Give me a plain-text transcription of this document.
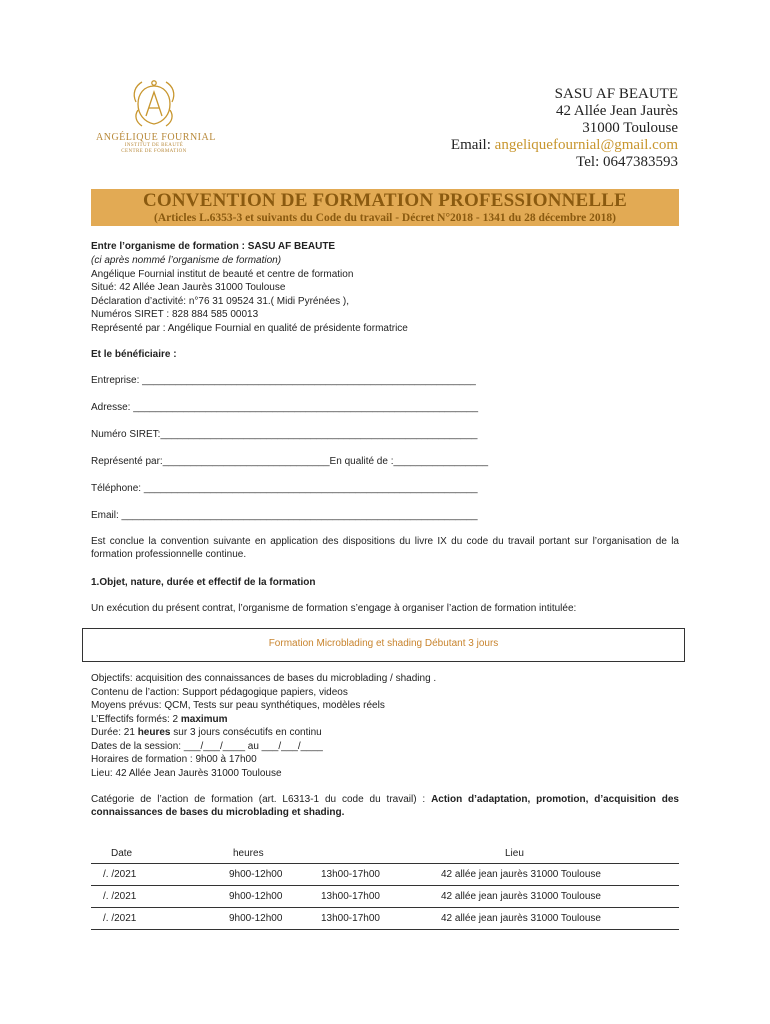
ANGÉLIQUE FOURNIAL
INSTITUT DE BEAUTÉ
CENTRE DE FORMATION
SASU AF BEAUTE
42 Allée Jean Jaurès
31000 Toulouse
Email: angeliquefournial@gmail.com
Tel: 0647383593
CONVENTION DE FORMATION PROFESSIONNELLE
(Articles L.6353-3 et suivants du Code du travail - Décret N°2018 - 1341 du 28 décembre 2018)
Entre l’organisme de formation : SASU AF BEAUTE
(ci après nommé l’organisme de formation)
Angélique Fournial institut de beauté et centre de formation
Situé: 42 Allée Jean Jaurès 31000 Toulouse
Déclaration d’activité: n°76 31 09524 31.( Midi Pyrénées ),
Numéros SIRET : 828 884 585 00013
Représenté par : Angélique Fournial en qualité de présidente formatrice
Et le bénéficiaire :
Entreprise: ____________________________________________________________
Adresse: ______________________________________________________________
Numéro SIRET:_________________________________________________________
Représenté par:______________________________En qualité de :_________________
Téléphone: ____________________________________________________________
Email: ________________________________________________________________
Est conclue la convention suivante en application des dispositions du livre IX du code du travail portant sur l’organisation de la formation professionnelle continue.
1.Objet, nature, durée et effectif de la formation
Un exécution du présent contrat, l’organisme de formation s’engage à organiser l’action de formation intitulée:
Formation Microblading et shading Débutant 3 jours
Objectifs: acquisition des connaissances de bases du microblading / shading .
Contenu de l’action: Support pédagogique papiers, videos
Moyens prévus: QCM, Tests sur peau synthétiques, modèles réels
L’Effectifs formés: 2 maximum
Durée: 21 heures sur 3 jours consécutifs en continu
Dates de la session: ___/___/____ au ___/___/____
Horaires de formation : 9h00 à 17h00
Lieu: 42 Allée Jean Jaurès 31000 Toulouse
Catégorie de l’action de formation (art. L6313-1 du code du travail) : Action d’adaptation, promotion, d’acquisition des connaissances de bases du microblading et shading.
Date	heures		Lieu
/. /2021	9h00-12h00	13h00-17h00	42 allée jean jaurès 31000 Toulouse
/. /2021	9h00-12h00	13h00-17h00	42 allée jean jaurès 31000 Toulouse
/. /2021	9h00-12h00	13h00-17h00	42 allée jean jaurès 31000 Toulouse
